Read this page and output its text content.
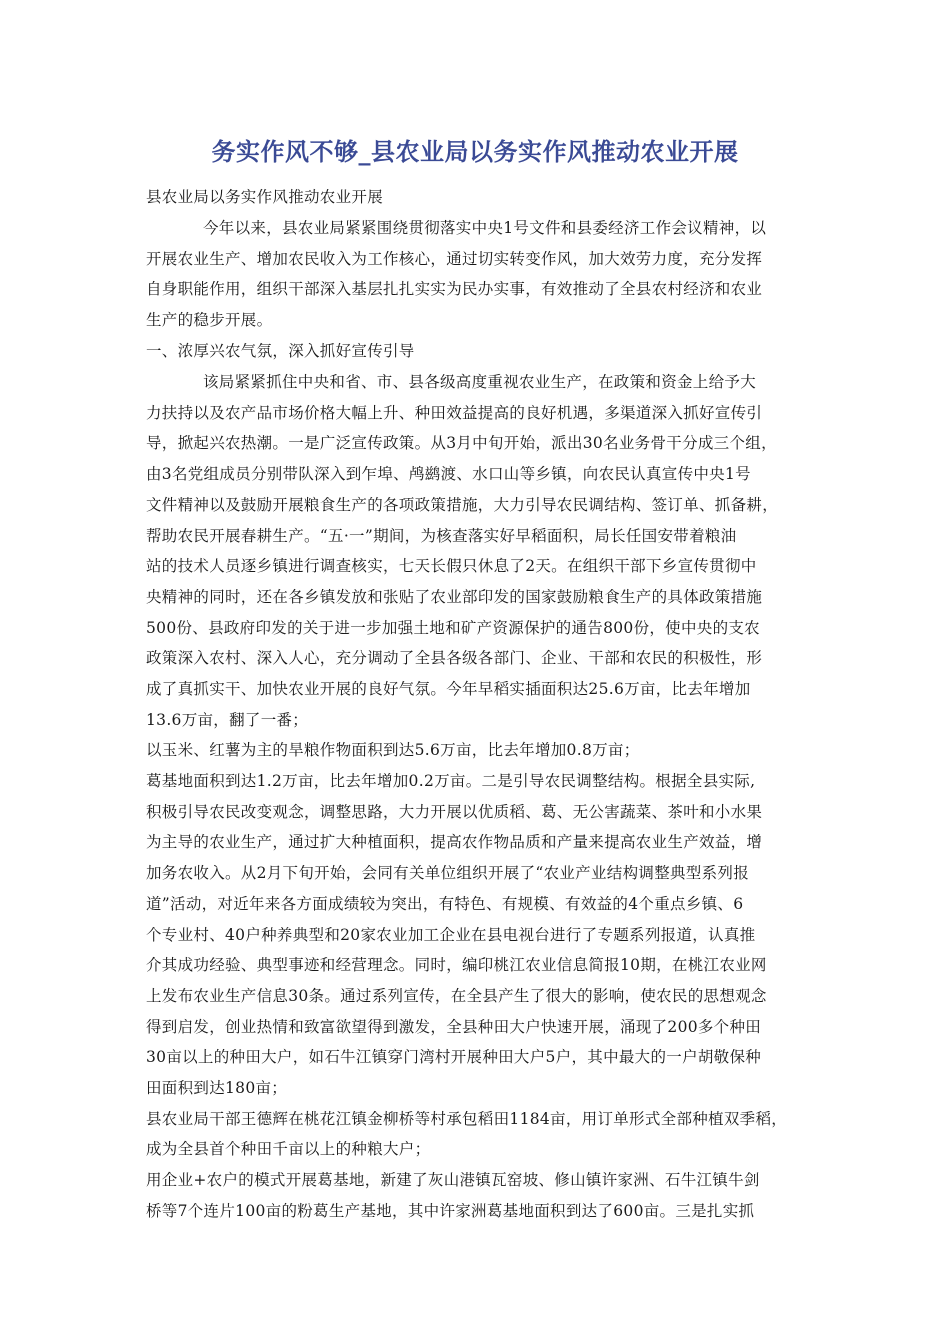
务实作风不够_县农业局以务实作风推动农业开展
县农业局以务实作风推动农业开展
今年以来，县农业局紧紧围绕贯彻落实中央1号文件和县委经济工作会议精神，以
开展农业生产、增加农民收入为工作核心，通过切实转变作风，加大效劳力度，充分发挥
自身职能作用，组织干部深入基层扎扎实实为民办实事，有效推动了全县农村经济和农业
生产的稳步开展。
一、浓厚兴农气氛，深入抓好宣传引导
该局紧紧抓住中央和省、市、县各级高度重视农业生产，在政策和资金上给予大
力扶持以及农产品市场价格大幅上升、种田效益提高的良好机遇，多渠道深入抓好宣传引
导，掀起兴农热潮。一是广泛宣传政策。从3月中旬开始，派出30名业务骨干分成三个组，
由3名党组成员分别带队深入到乍埠、鸬鹚渡、水口山等乡镇，向农民认真宣传中央1号
文件精神以及鼓励开展粮食生产的各项政策措施，大力引导农民调结构、签订单、抓备耕，
帮助农民开展春耕生产。“五·一”期间，为核查落实好早稻面积，局长任国安带着粮油
站的技术人员逐乡镇进行调查核实，七天长假只休息了2天。在组织干部下乡宣传贯彻中
央精神的同时，还在各乡镇发放和张贴了农业部印发的国家鼓励粮食生产的具体政策措施
500份、县政府印发的关于进一步加强土地和矿产资源保护的通告800份，使中央的支农
政策深入农村、深入人心，充分调动了全县各级各部门、企业、干部和农民的积极性，形
成了真抓实干、加快农业开展的良好气氛。今年早稻实插面积达25.6万亩，比去年增加
13.6万亩，翻了一番；
以玉米、红薯为主的旱粮作物面积到达5.6万亩，比去年增加0.8万亩；
葛基地面积到达1.2万亩，比去年增加0.2万亩。二是引导农民调整结构。根据全县实际,
积极引导农民改变观念，调整思路，大力开展以优质稻、葛、无公害蔬菜、茶叶和小水果
为主导的农业生产，通过扩大种植面积，提高农作物品质和产量来提高农业生产效益，增
加务农收入。从2月下旬开始，会同有关单位组织开展了“农业产业结构调整典型系列报
道”活动，对近年来各方面成绩较为突出，有特色、有规模、有效益的4个重点乡镇、6
个专业村、40户种养典型和20家农业加工企业在县电视台进行了专题系列报道，认真推
介其成功经验、典型事迹和经营理念。同时，编印桃江农业信息简报10期，在桃江农业网
上发布农业生产信息30条。通过系列宣传，在全县产生了很大的影响，使农民的思想观念
得到启发，创业热情和致富欲望得到激发，全县种田大户快速开展，涌现了200多个种田
30亩以上的种田大户，如石牛江镇穿门湾村开展种田大户5户，其中最大的一户胡敬保种
田面积到达180亩；
县农业局干部王德辉在桃花江镇金柳桥等村承包稻田1184亩，用订单形式全部种植双季稻，
成为全县首个种田千亩以上的种粮大户；
用企业+农户的模式开展葛基地，新建了灰山港镇瓦窑坡、修山镇许家洲、石牛江镇牛剑
桥等7个连片100亩的粉葛生产基地，其中许家洲葛基地面积到达了600亩。三是扎实抓
